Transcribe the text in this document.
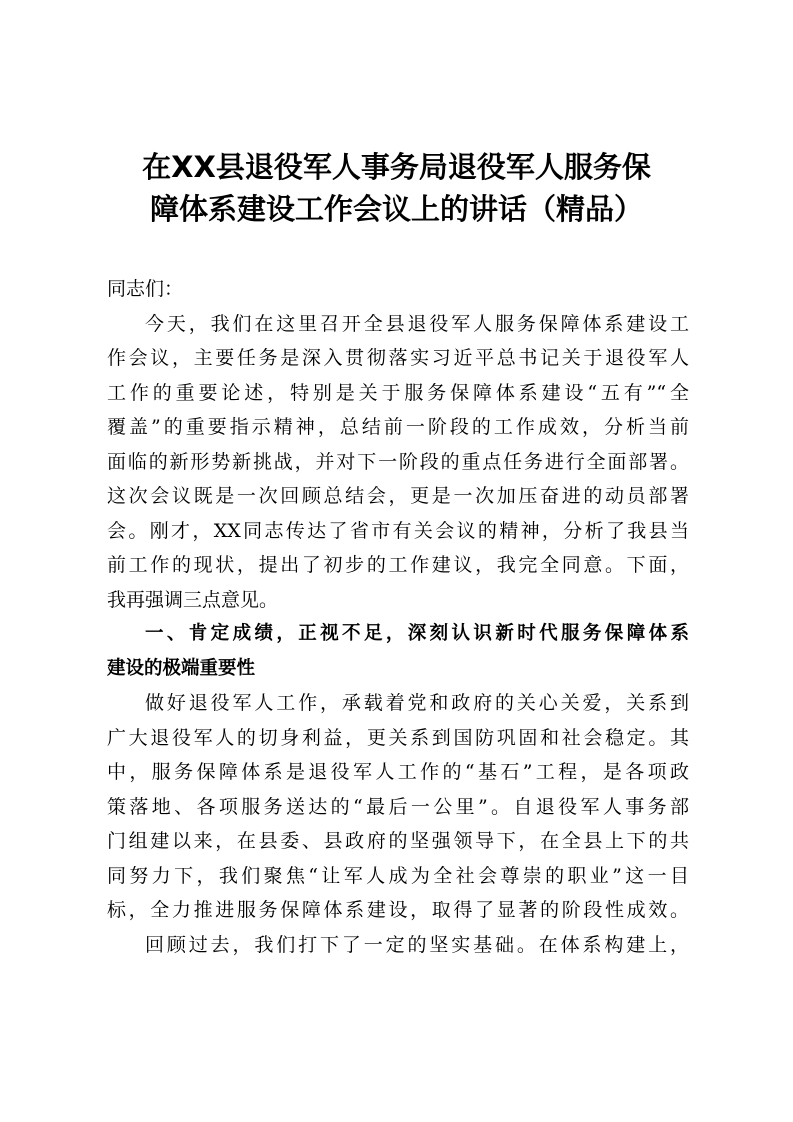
在XX县退役军人事务局退役军人服务保
障体系建设工作会议上的讲话（精品）
同志们：
今天，我们在这里召开全县退役军人服务保障体系建设工
作会议，主要任务是深入贯彻落实习近平总书记关于退役军人
工作的重要论述，特别是关于服务保障体系建设“五有”“全
覆盖”的重要指示精神，总结前一阶段的工作成效，分析当前
面临的新形势新挑战，并对下一阶段的重点任务进行全面部署。
这次会议既是一次回顾总结会，更是一次加压奋进的动员部署
会。刚才，XX同志传达了省市有关会议的精神，分析了我县当
前工作的现状，提出了初步的工作建议，我完全同意。下面，
我再强调三点意见。
一、肯定成绩，正视不足，深刻认识新时代服务保障体系
建设的极端重要性
做好退役军人工作，承载着党和政府的关心关爱，关系到
广大退役军人的切身利益，更关系到国防巩固和社会稳定。其
中，服务保障体系是退役军人工作的“基石”工程，是各项政
策落地、各项服务送达的“最后一公里”。自退役军人事务部
门组建以来，在县委、县政府的坚强领导下，在全县上下的共
同努力下，我们聚焦“让军人成为全社会尊崇的职业”这一目
标，全力推进服务保障体系建设，取得了显著的阶段性成效。
回顾过去，我们打下了一定的坚实基础。在体系构建上，
